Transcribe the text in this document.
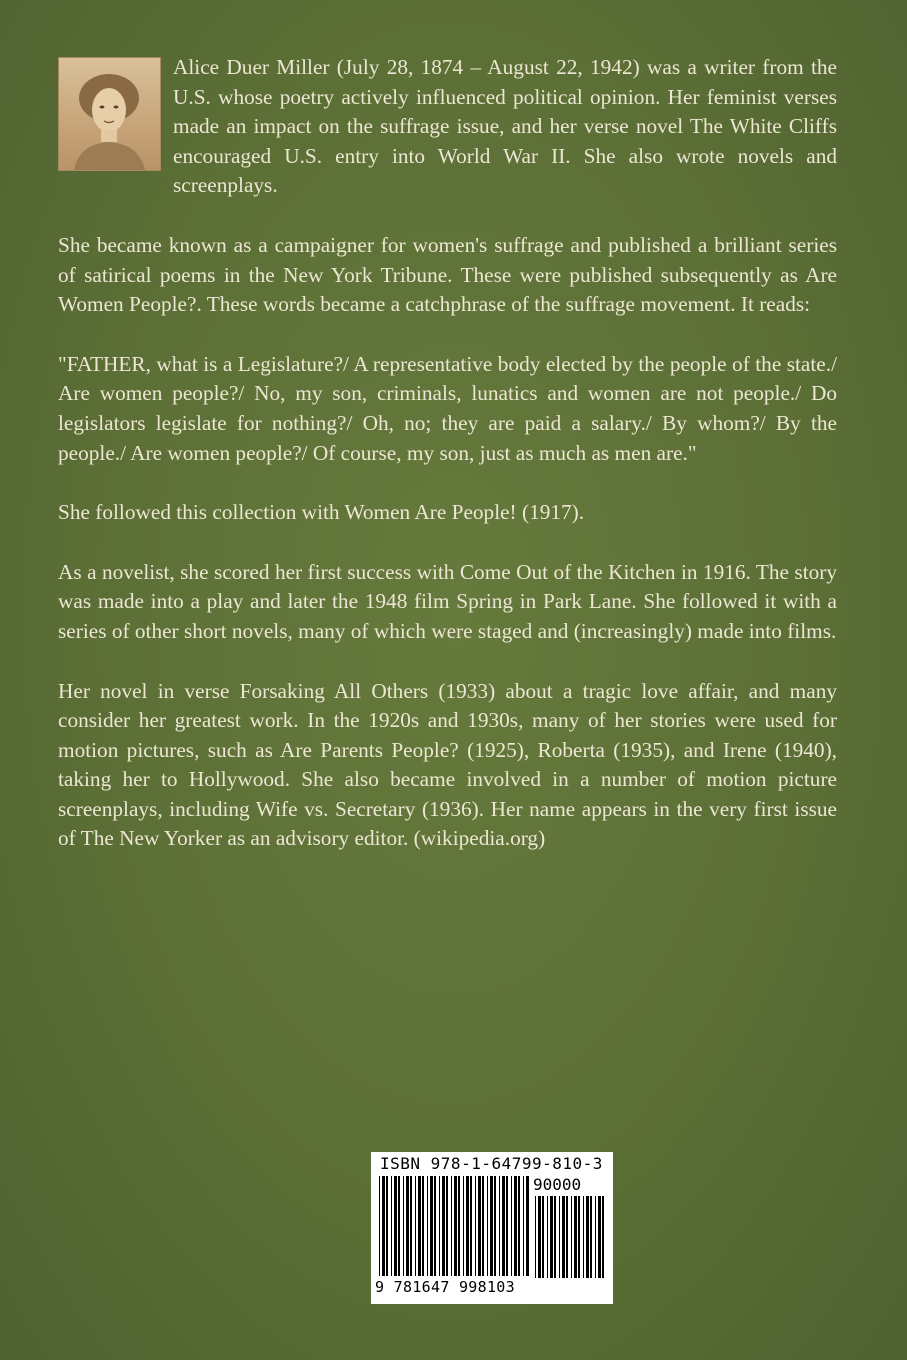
Alice Duer Miller (July 28, 1874 – August 22, 1942) was a writer from the U.S. whose poetry actively influenced political opinion. Her feminist verses made an impact on the suffrage issue, and her verse novel The White Cliffs encouraged U.S. entry into World War II. She also wrote novels and screenplays.

She became known as a campaigner for women's suffrage and published a brilliant series of satirical poems in the New York Tribune. These were published subsequently as Are Women People?. These words became a catchphrase of the suffrage movement. It reads:

"FATHER, what is a Legislature?/ A representative body elected by the people of the state./ Are women people?/ No, my son, criminals, lunatics and women are not people./ Do legislators legislate for nothing?/ Oh, no; they are paid a salary./ By whom?/ By the people./ Are women people?/ Of course, my son, just as much as men are."

She followed this collection with Women Are People! (1917).

As a novelist, she scored her first success with Come Out of the Kitchen in 1916. The story was made into a play and later the 1948 film Spring in Park Lane. She followed it with a series of other short novels, many of which were staged and (increasingly) made into films.

Her novel in verse Forsaking All Others (1933) about a tragic love affair, and many consider her greatest work. In the 1920s and 1930s, many of her stories were used for motion pictures, such as Are Parents People? (1925), Roberta (1935), and Irene (1940), taking her to Hollywood. She also became involved in a number of motion picture screenplays, including Wife vs. Secretary (1936). Her name appears in the very first issue of The New Yorker as an advisory editor. (wikipedia.org)

ISBN 978-1-64799-810-3
90000
9 781647 998103
